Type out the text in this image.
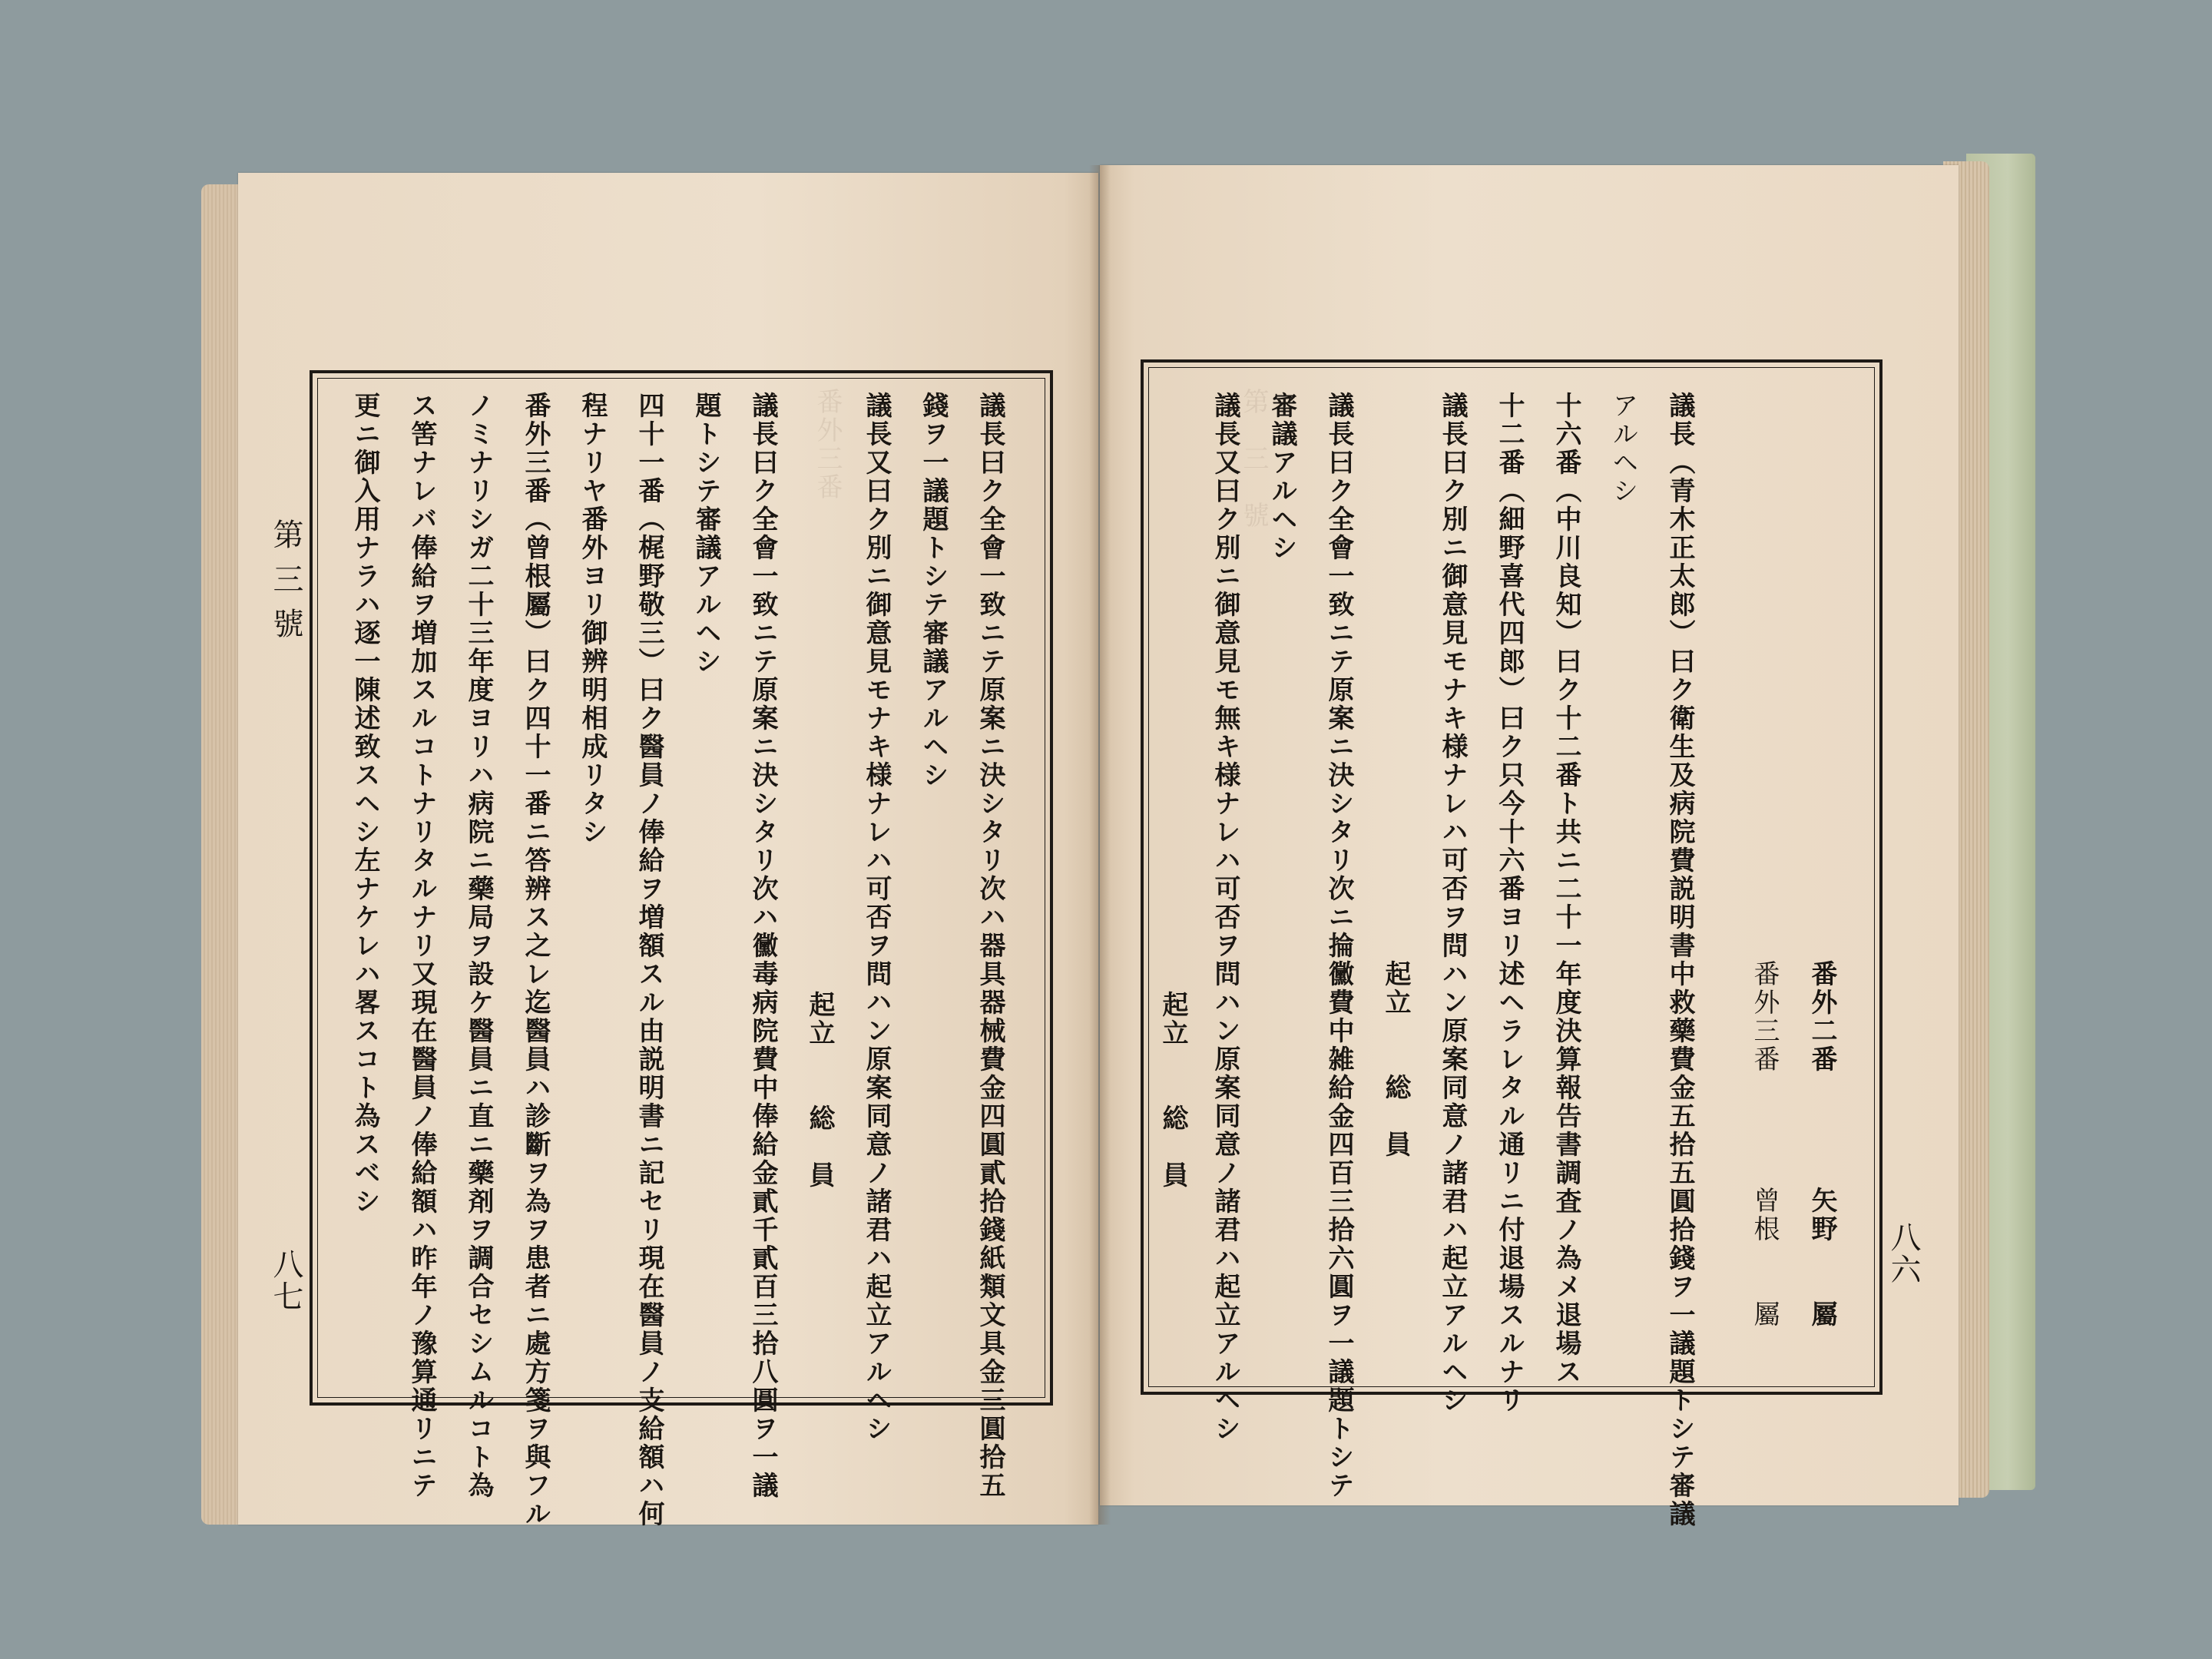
第　三　號
番外三番
八六
番外二番
矢野　　屬
番外三番
曾根　　屬
議長（青木正太郎）曰ク衛生及病院費説明書中救藥費金五拾五圓拾錢ヲ一議題トシテ審議
アルヘシ
十六番（中川良知）曰ク十二番ト共ニ二十一年度決算報告書調査ノ為メ退場ス
十二番（細野喜代四郎）曰ク只今十六番ヨリ述ヘラレタル通リニ付退場スルナリ
議長曰ク別ニ御意見モナキ様ナレハ可否ヲ問ハン原案同意ノ諸君ハ起立アルヘシ
議長曰ク全會一致ニテ原案ニ決シタリ次ニ掄黴費中雑給金四百三拾六圓ヲ一議題トシテ
審議アルヘシ
議長又曰ク別ニ御意見モ無キ様ナレハ可否ヲ問ハン原案同意ノ諸君ハ起立アルヘシ
起立　　総　員
第三號
八七	議長曰ク全會一致ニテ原案ニ決シタリ次ハ器具器械費金四圓貳拾錢紙類文具金三圓拾五
錢ヲ一議題トシテ審議アルヘシ
議長又曰ク別ニ御意見モナキ様ナレハ可否ヲ問ハン原案同意ノ諸君ハ起立アルヘシ
起立　　総　員
議長曰ク全會一致ニテ原案ニ決シタリ次ハ黴毒病院費中俸給金貳千貳百三拾八圓ヲ一議
題トシテ審議アルヘシ
四十一番（梶野敬三）曰ク醫員ノ俸給ヲ増額スル由説明書ニ記セリ現在醫員ノ支給額ハ何
程ナリヤ番外ヨリ御辨明相成リタシ
番外三番（曾根屬）曰ク四十一番ニ答辨ス之レ迄醫員ハ診斷ヲ為ヲ患者ニ處方箋ヲ與フル
ノミナリシガ二十三年度ヨリハ病院ニ藥局ヲ設ケ醫員ニ直ニ藥剤ヲ調合セシムルコト為
ス筈ナレバ俸給ヲ増加スルコトナリタルナリ又現在醫員ノ俸給額ハ昨年ノ豫算通リニテ
更ニ御入用ナラハ逐一陳述致スヘシ左ナケレハ畧スコト為スベシ	起立　　総　員
